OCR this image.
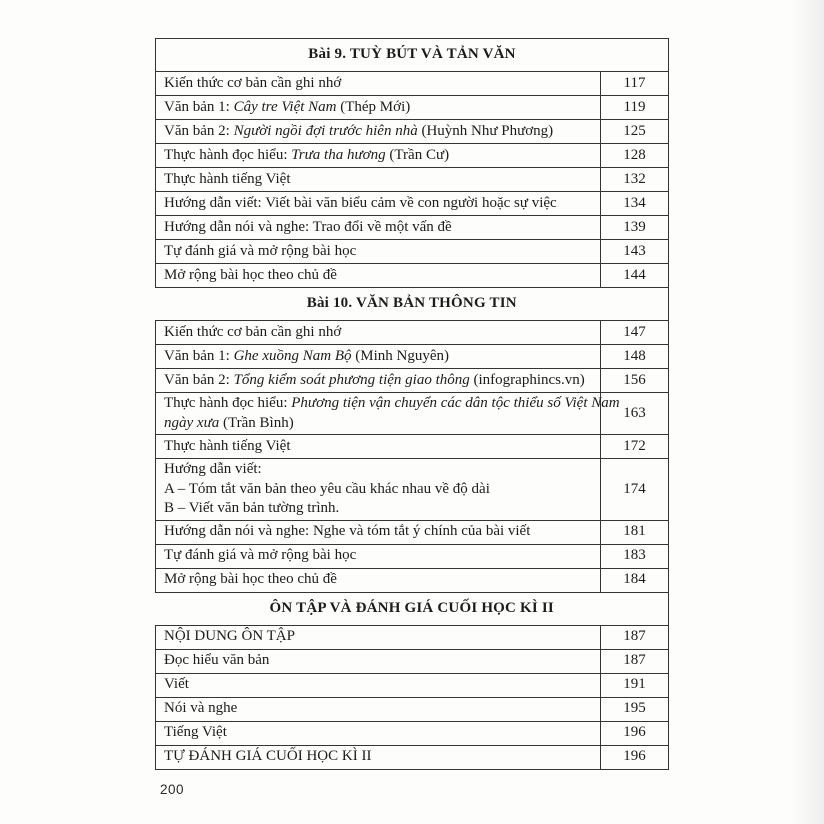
Bài 9. TUỲ BÚT VÀ TẢN VĂN	

Kiến thức cơ bản cần ghi nhớ	117

Văn bản 1: Cây tre Việt Nam (Thép Mới)	119

Văn bản 2: Người ngồi đợi trước hiên nhà (Huỳnh Như Phương)	125

Thực hành đọc hiểu: Trưa tha hương (Trần Cư)	128

Thực hành tiếng Việt	132

Hướng dẫn viết: Viết bài văn biểu cảm về con người hoặc sự việc	134

Hướng dẫn nói và nghe: Trao đổi về một vấn đề	139

Tự đánh giá và mở rộng bài học	143

Mở rộng bài học theo chủ đề	144
Bài 10. VĂN BẢN THÔNG TIN	

Kiến thức cơ bản cần ghi nhớ	147

Văn bản 1: Ghe xuồng Nam Bộ (Minh Nguyên)	148

Văn bản 2: Tổng kiểm soát phương tiện giao thông (infographincs.vn)	156

Thực hành đọc hiểu: Phương tiện vận chuyển các dân tộc thiểu số Việt Nam
ngày xưa (Trần Bình)	163

Thực hành tiếng Việt	172

Hướng dẫn viết:
A – Tóm tắt văn bản theo yêu cầu khác nhau về độ dài
B – Viết văn bản tường trình.	174

Hướng dẫn nói và nghe: Nghe và tóm tắt ý chính của bài viết	181

Tự đánh giá và mở rộng bài học	183

Mở rộng bài học theo chủ đề	184
ÔN TẬP VÀ ĐÁNH GIÁ CUỐI HỌC KÌ II	

NỘI DUNG ÔN TẬP	187

Đọc hiểu văn bản	187

Viết	191

Nói và nghe	195

Tiếng Việt	196

TỰ ĐÁNH GIÁ CUỐI HỌC KÌ II	196
200
